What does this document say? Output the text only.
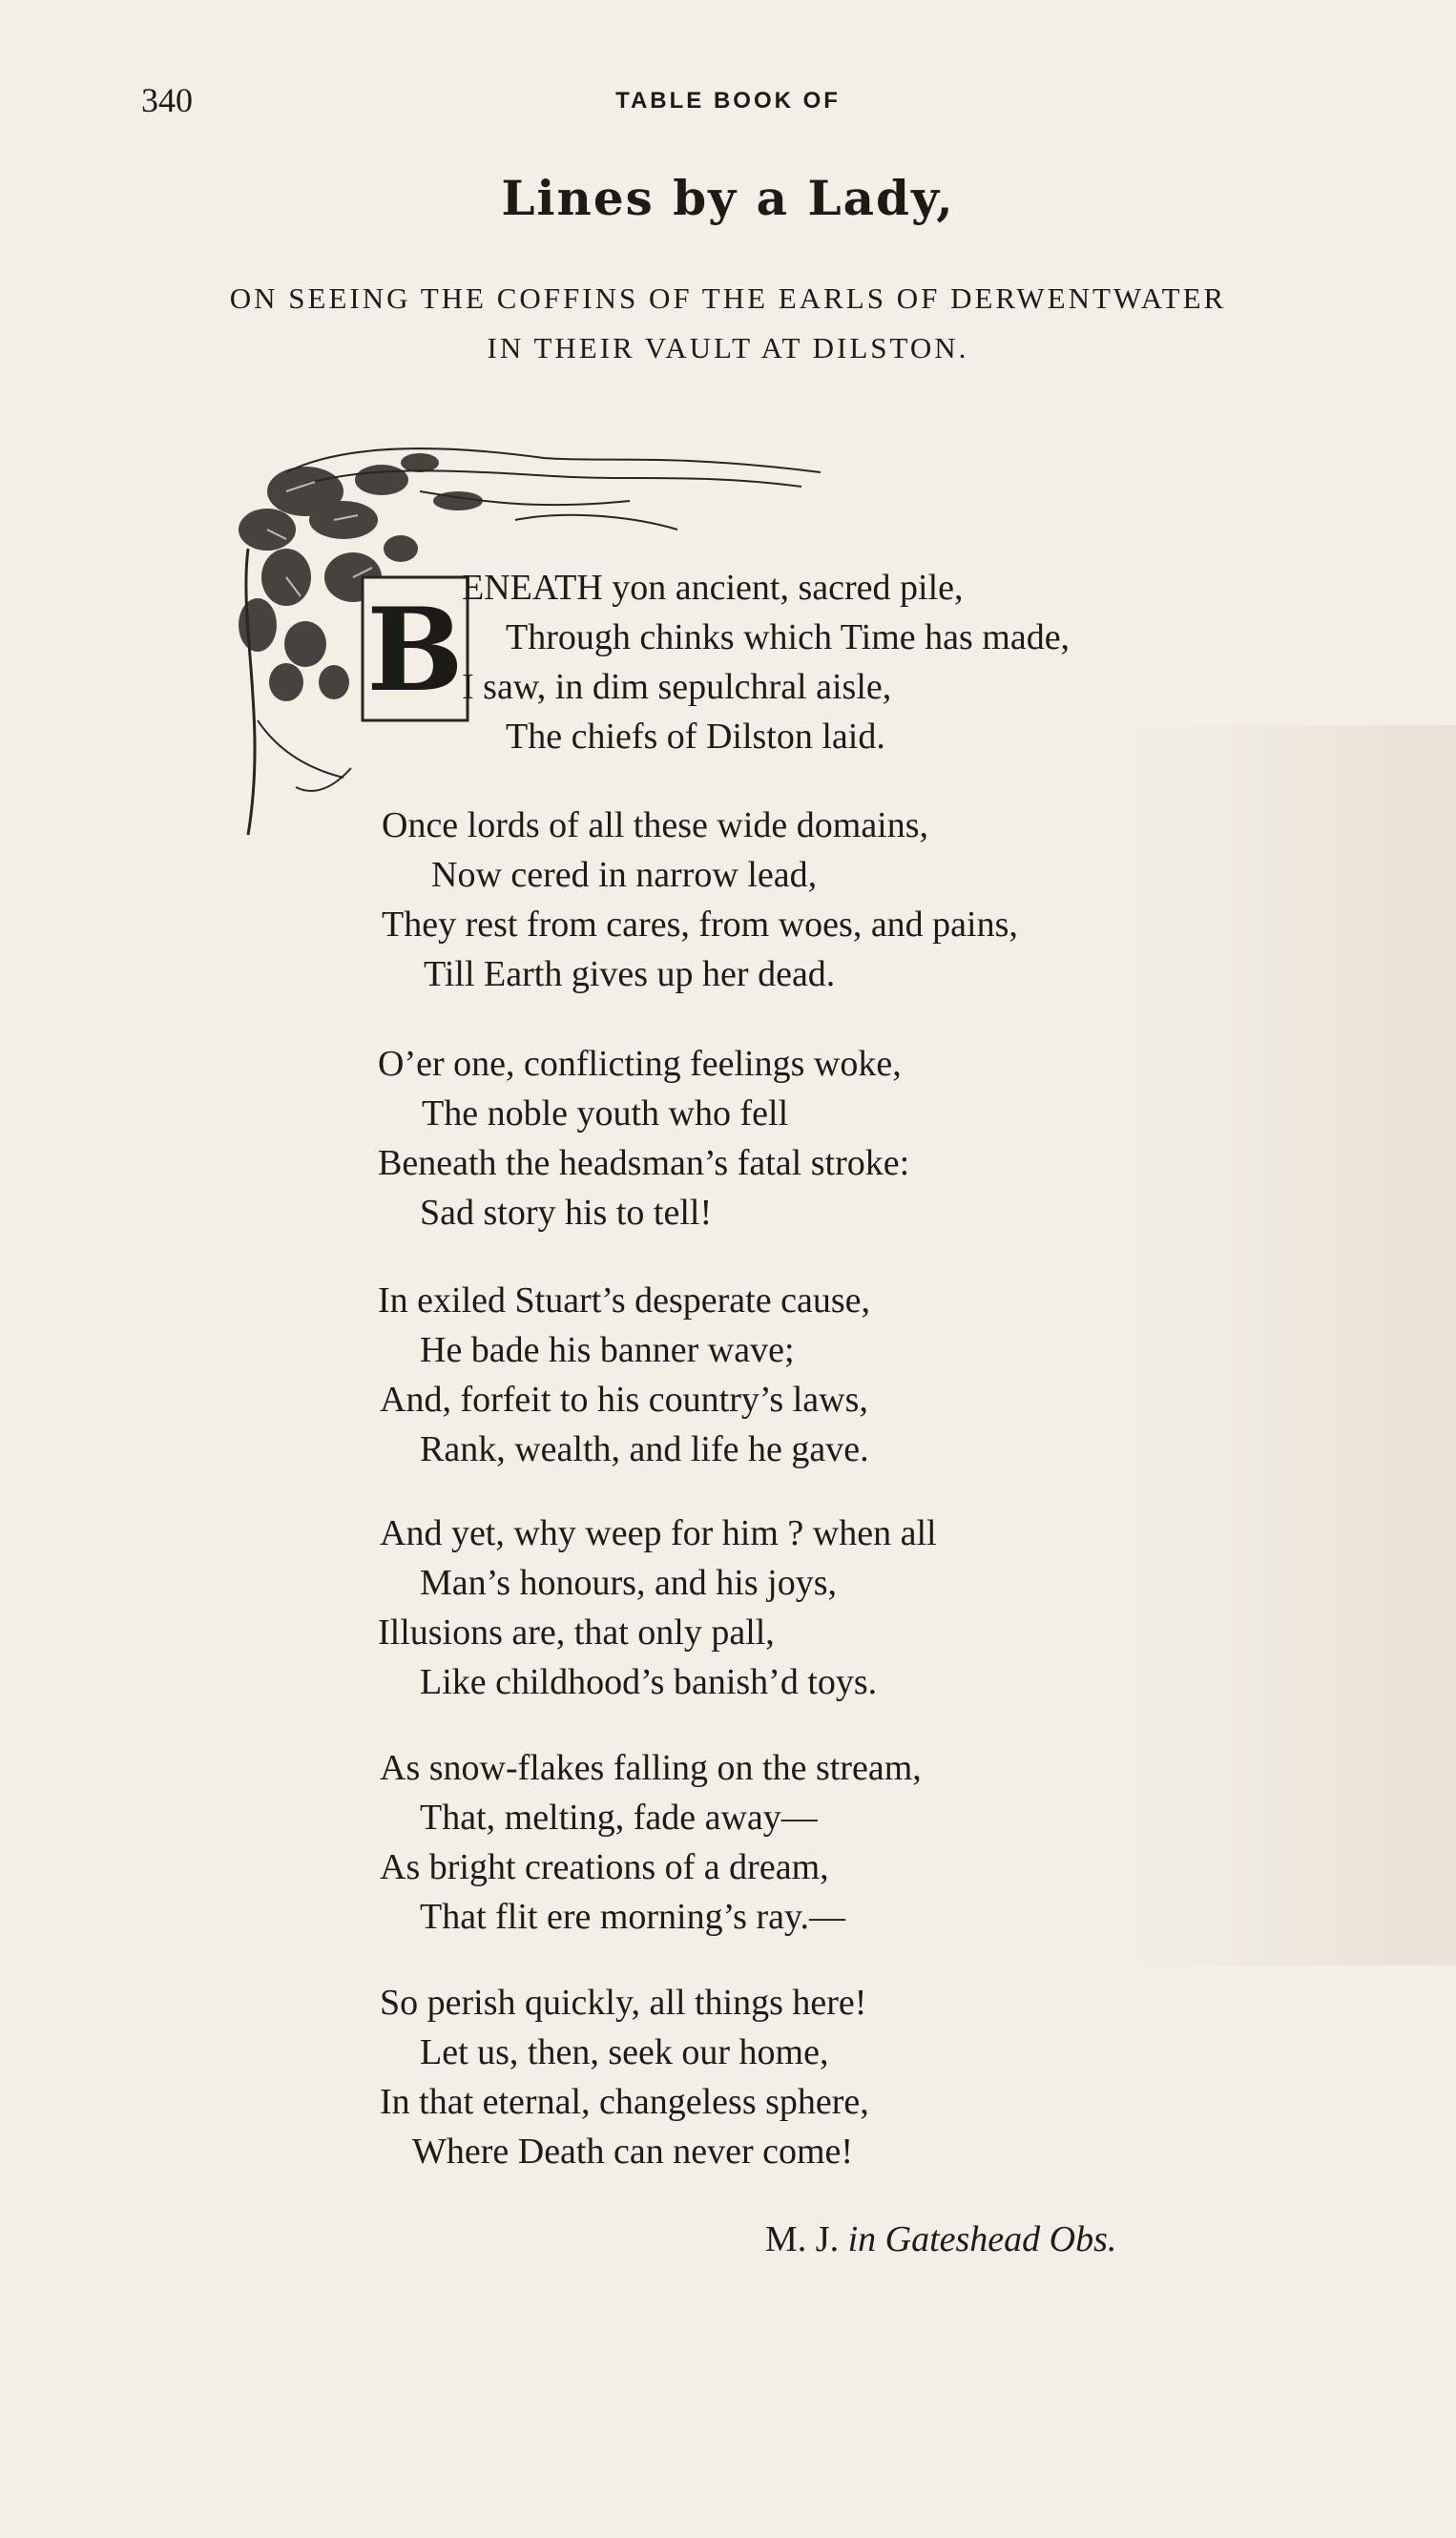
340	TABLE BOOK OF
Lines by a Lady,
ON SEEING THE COFFINS OF THE EARLS OF DERWENTWATER
IN THEIR VAULT AT DILSTON.
B
ENEATH yon ancient, sacred pile,
Through chinks which Time has made,
I saw, in dim sepulchral aisle,
The chiefs of Dilston laid.
Once lords of all these wide domains,
Now cered in narrow lead,
They rest from cares, from woes, and pains,
Till Earth gives up her dead.
O’er one, conflicting feelings woke,
The noble youth who fell
Beneath the headsman’s fatal stroke:
Sad story his to tell!
In exiled Stuart’s desperate cause,
He bade his banner wave;
And, forfeit to his country’s laws,
Rank, wealth, and life he gave.
And yet, why weep for him ? when all
Man’s honours, and his joys,
Illusions are, that only pall,
Like childhood’s banish’d toys.
As snow-flakes falling on the stream,
That, melting, fade away—
As bright creations of a dream,
That flit ere morning’s ray.—
So perish quickly, all things here!
Let us, then, seek our home,
In that eternal, changeless sphere,
Where Death can never come!
M. J. in Gateshead Obs.
